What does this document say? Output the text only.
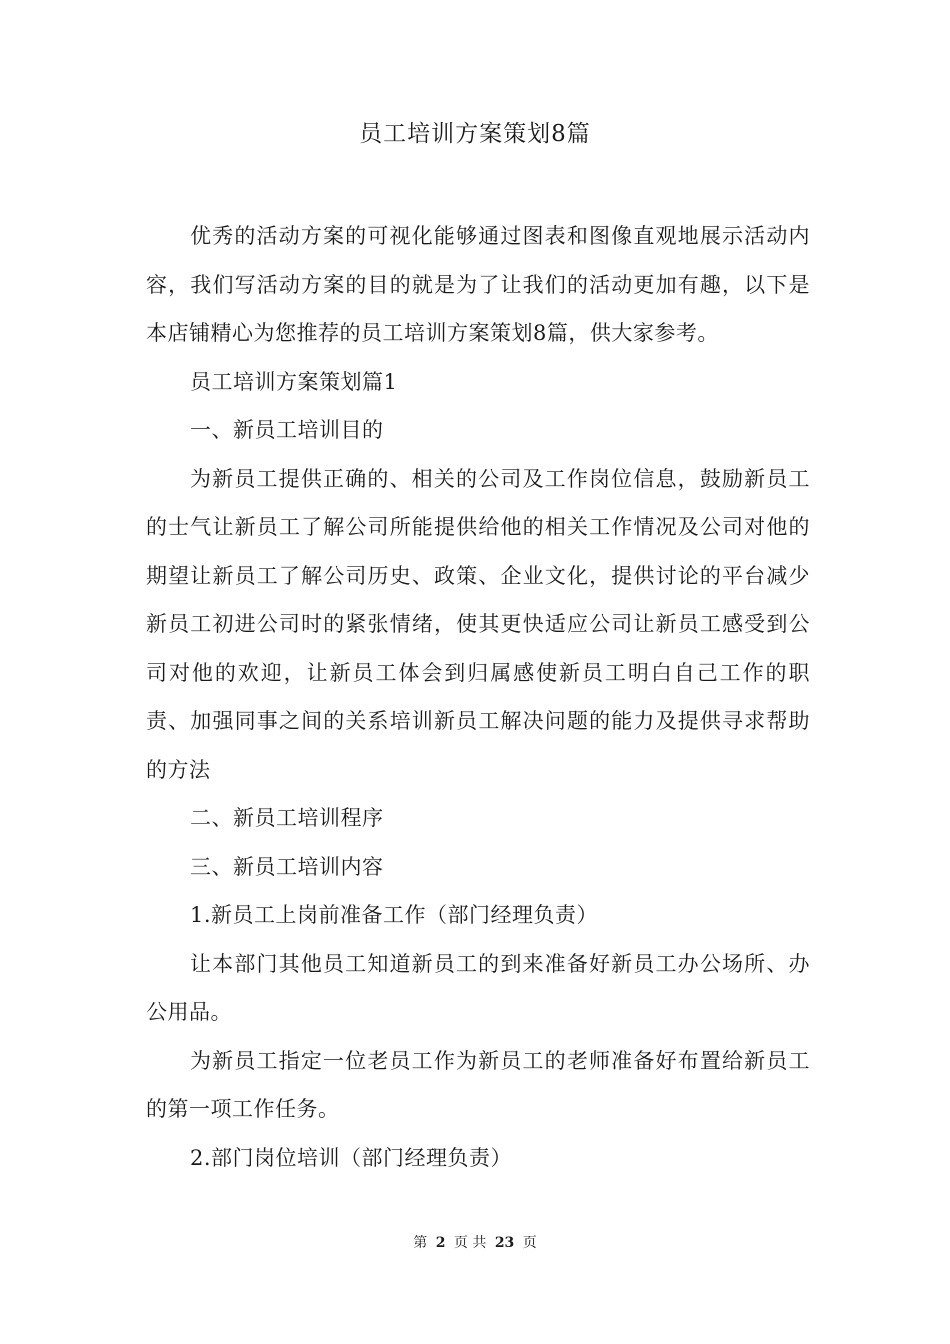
员工培训方案策划8篇

优秀的活动方案的可视化能够通过图表和图像直观地展示活动内容，我们写活动方案的目的就是为了让我们的活动更加有趣，以下是本店铺精心为您推荐的员工培训方案策划8篇，供大家参考。

员工培训方案策划篇1

一、新员工培训目的

为新员工提供正确的、相关的公司及工作岗位信息，鼓励新员工的士气让新员工了解公司所能提供给他的相关工作情况及公司对他的期望让新员工了解公司历史、政策、企业文化，提供讨论的平台减少新员工初进公司时的紧张情绪，使其更快适应公司让新员工感受到公司对他的欢迎，让新员工体会到归属感使新员工明白自己工作的职责、加强同事之间的关系培训新员工解决问题的能力及提供寻求帮助的方法

二、新员工培训程序

三、新员工培训内容

1.新员工上岗前准备工作（部门经理负责）

让本部门其他员工知道新员工的到来准备好新员工办公场所、办公用品。

为新员工指定一位老员工作为新员工的老师准备好布置给新员工的第一项工作任务。

2.部门岗位培训（部门经理负责）

第 2 页 共 23 页
